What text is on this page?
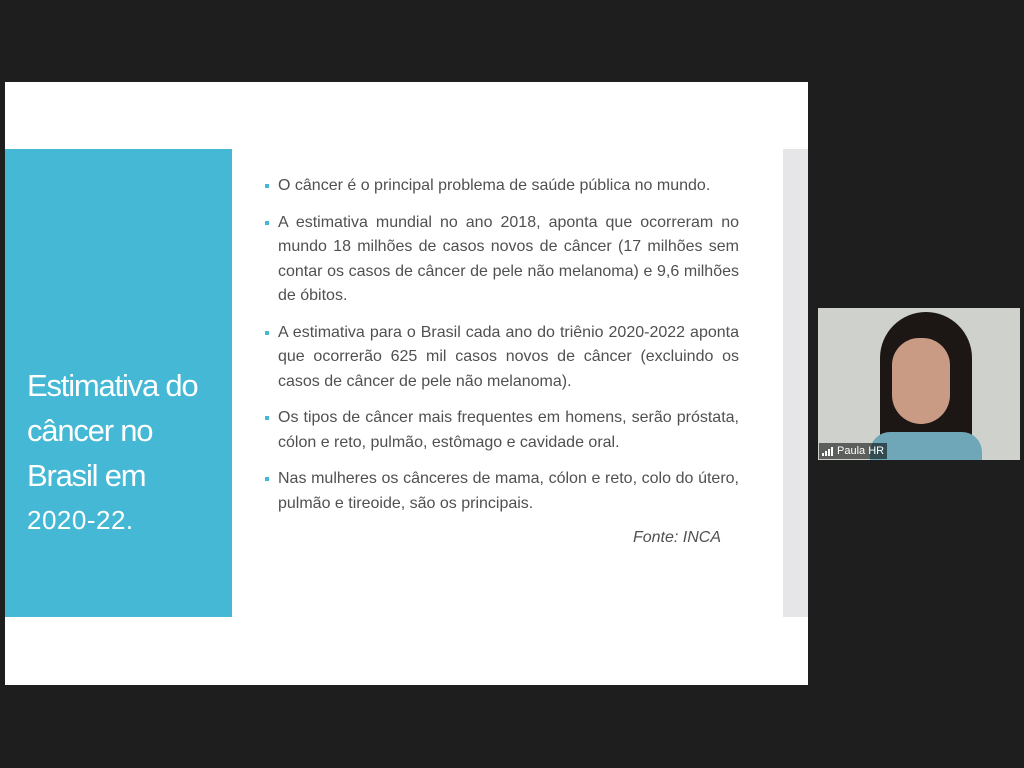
Estimativa do
câncer no
Brasil em
2020-22.
O câncer é o principal problema de saúde pública no mundo.
A estimativa mundial no ano 2018, aponta que ocorreram no mundo 18 milhões de casos novos de câncer (17 milhões sem contar os casos de câncer de pele não melanoma) e 9,6 milhões de óbitos.
A estimativa para o Brasil cada ano do triênio 2020-2022 aponta que ocorrerão 625 mil casos novos de câncer (excluindo os casos de câncer de pele não melanoma).
Os tipos de câncer mais frequentes em homens, serão próstata, cólon e reto, pulmão, estômago e cavidade oral.
Nas mulheres os cânceres de mama, cólon e reto, colo do útero, pulmão e tireoide, são os principais.
Fonte: INCA
Paula HR
